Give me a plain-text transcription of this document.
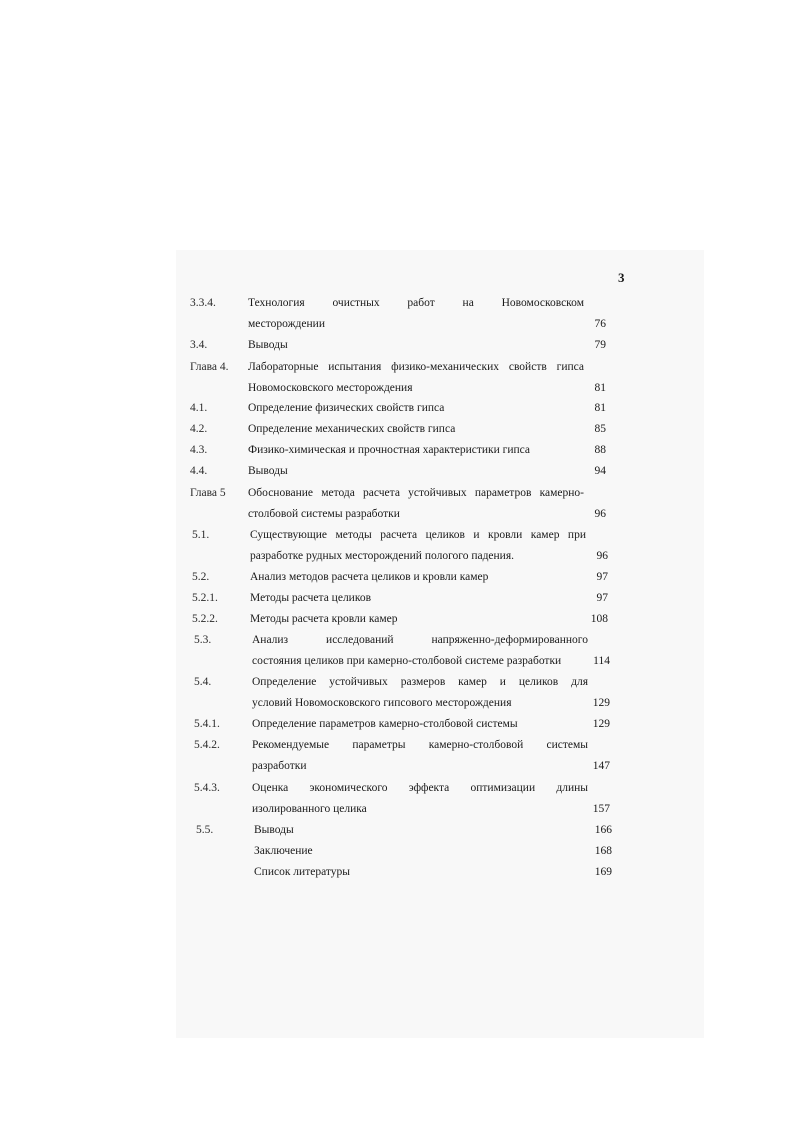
3
3.3.4.	Технология очистных работ на Новомосковском
месторождении	76
3.4.	Выводы	79
Глава 4. Лабораторные испытания физико-механических свойств гипса
Новомосковского месторождения	81
4.1.	Определение физических свойств гипса	81
4.2.	Определение механических свойств гипса	85
4.3.	Физико-химическая и прочностная характеристики гипса	88
4.4.	Выводы	94
Глава 5 Обоснование метода расчета устойчивых параметров камерно-
столбовой системы разработки	96
5.1.	Существующие методы расчета целиков и кровли камер при
разработке рудных месторождений пологого падения.	96
5.2.	Анализ методов расчета целиков и кровли камер	97
5.2.1.	Методы расчета целиков	97
5.2.2.	Методы расчета кровли камер	108
5.3.	Анализ исследований напряженно-деформированного
состояния целиков при камерно-столбовой системе разработки	114
5.4.	Определение устойчивых размеров камер и целиков для
условий Новомосковского гипсового месторождения	129
5.4.1.	Определение параметров камерно-столбовой системы	129
5.4.2.	Рекомендуемые параметры камерно-столбовой системы
разработки	147
5.4.3.	Оценка экономического эффекта оптимизации длины
изолированного целика	157
5.5.	Выводы	166
Заключение	168
Список литературы	169
